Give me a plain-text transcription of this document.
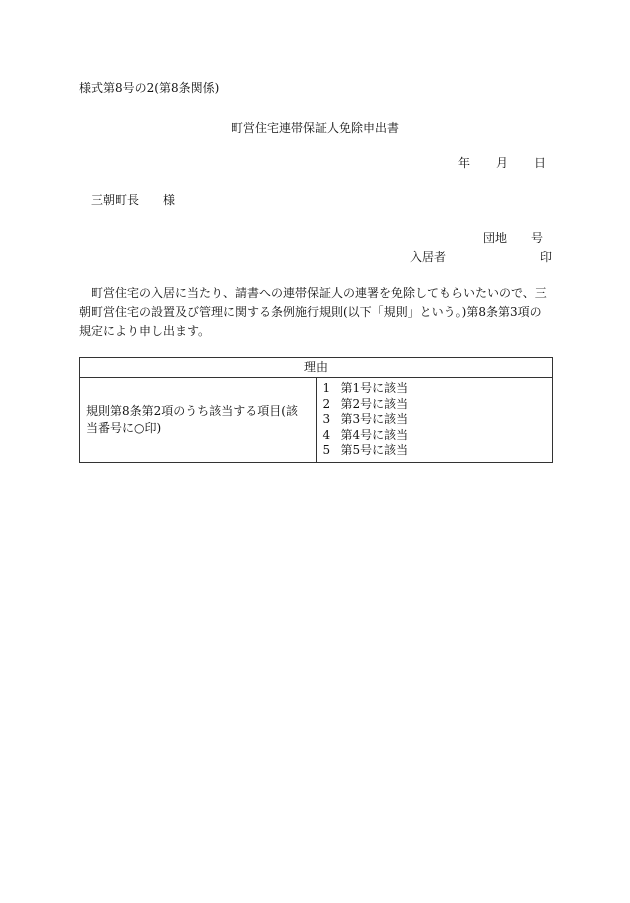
様式第8号の2(第8条関係)
町営住宅連帯保証人免除申出書
年 月 日
三朝町長 様
団地 号
入居者	印
町営住宅の入居に当たり、請書への連帯保証人の連署を免除してもらいたいので、三朝町営住宅の設置及び管理に関する条例施行規則(以下「規則」という。)第8条第3項の規定により申し出ます。
理由
規則第8条第2項のうち該当する項目(該当番号に○印)	
1 第1号に該当
2 第2号に該当
3 第3号に該当
4 第4号に該当
5 第5号に該当
